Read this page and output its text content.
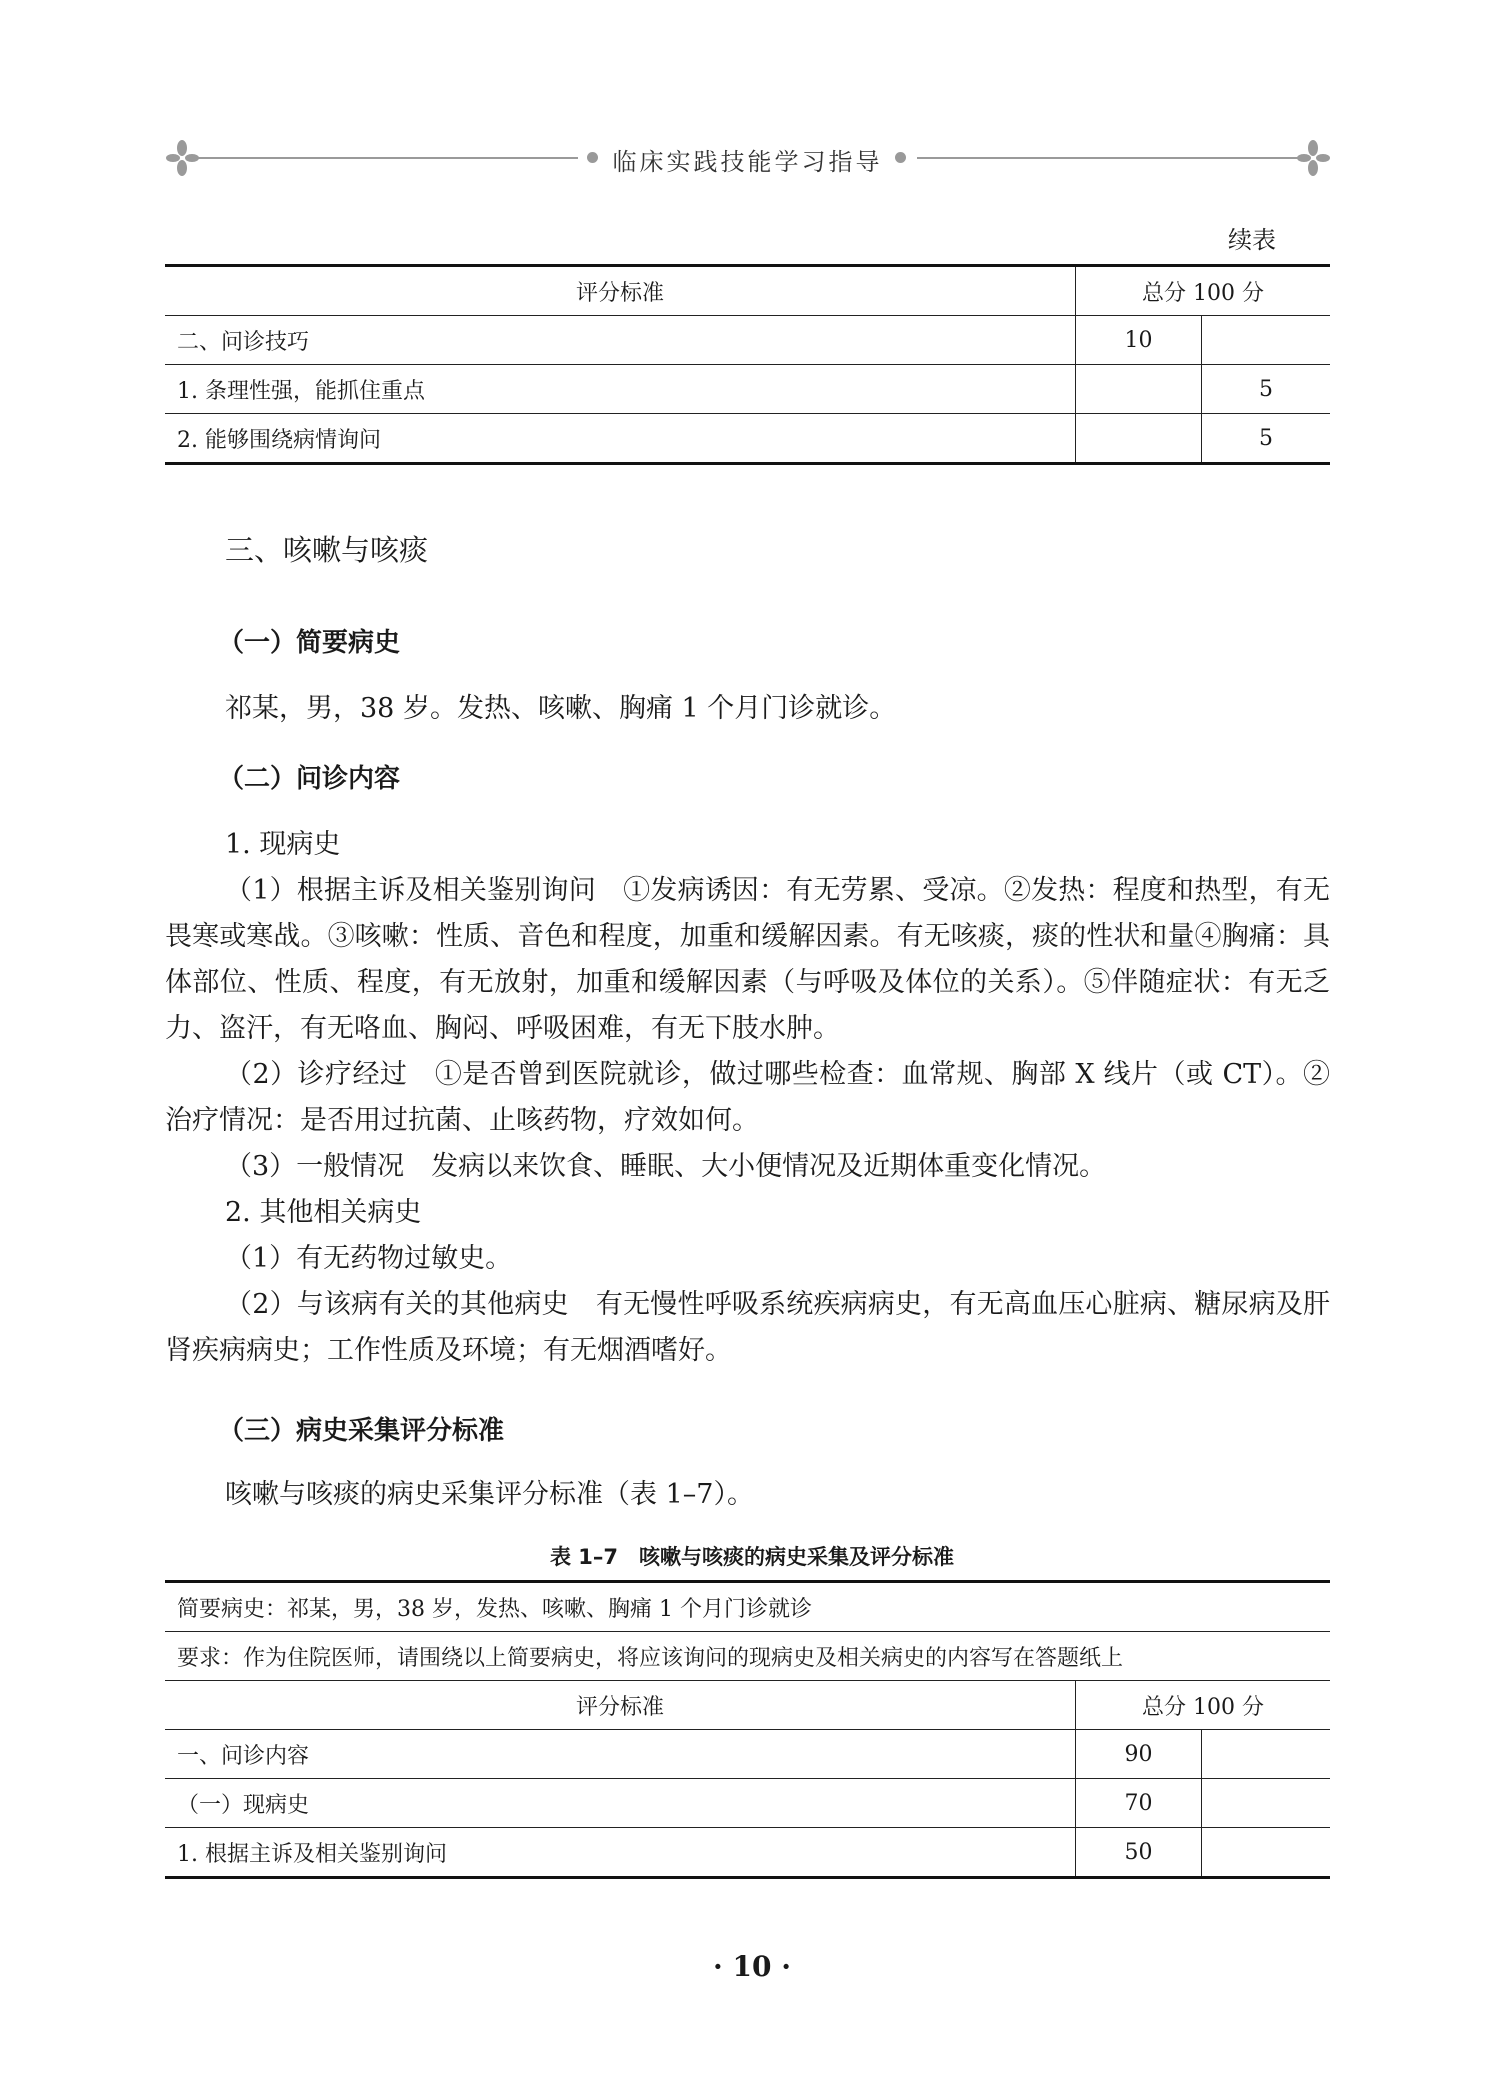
临床实践技能学习指导
续表
评分标准	总分 100 分	
二、问诊技巧	10	
1. 条理性强，能抓住重点		5
2. 能够围绕病情询问		5
三、咳嗽与咳痰
（一）简要病史

祁某，男，38 岁。发热、咳嗽、胸痛 1 个月门诊就诊。

（二）问诊内容

1. 现病史

（1）根据主诉及相关鉴别询问　①发病诱因：有无劳累、受凉。②发热：程度和热型，有无畏寒或寒战。③咳嗽：性质、音色和程度，加重和缓解因素。有无咳痰，痰的性状和量④胸痛：具体部位、性质、程度，有无放射，加重和缓解因素（与呼吸及体位的关系）。⑤伴随症状：有无乏力、盗汗，有无咯血、胸闷、呼吸困难，有无下肢水肿。

（2）诊疗经过　①是否曾到医院就诊，做过哪些检查：血常规、胸部 X 线片（或 CT）。②治疗情况：是否用过抗菌、止咳药物，疗效如何。

（3）一般情况　发病以来饮食、睡眠、大小便情况及近期体重变化情况。

2. 其他相关病史

（1）有无药物过敏史。

（2）与该病有关的其他病史　有无慢性呼吸系统疾病病史，有无高血压心脏病、糖尿病及肝肾疾病病史；工作性质及环境；有无烟酒嗜好。

（三）病史采集评分标准

咳嗽与咳痰的病史采集评分标准（表 1–7）。

表 1–7　咳嗽与咳痰的病史采集及评分标准
简要病史：祁某，男，38 岁，发热、咳嗽、胸痛 1 个月门诊就诊		
要求：作为住院医师，请围绕以上简要病史，将应该询问的现病史及相关病史的内容写在答题纸上		
评分标准	总分 100 分	
一、问诊内容	90	
（一）现病史	70	
1. 根据主诉及相关鉴别询问	50	
· 10 ·
